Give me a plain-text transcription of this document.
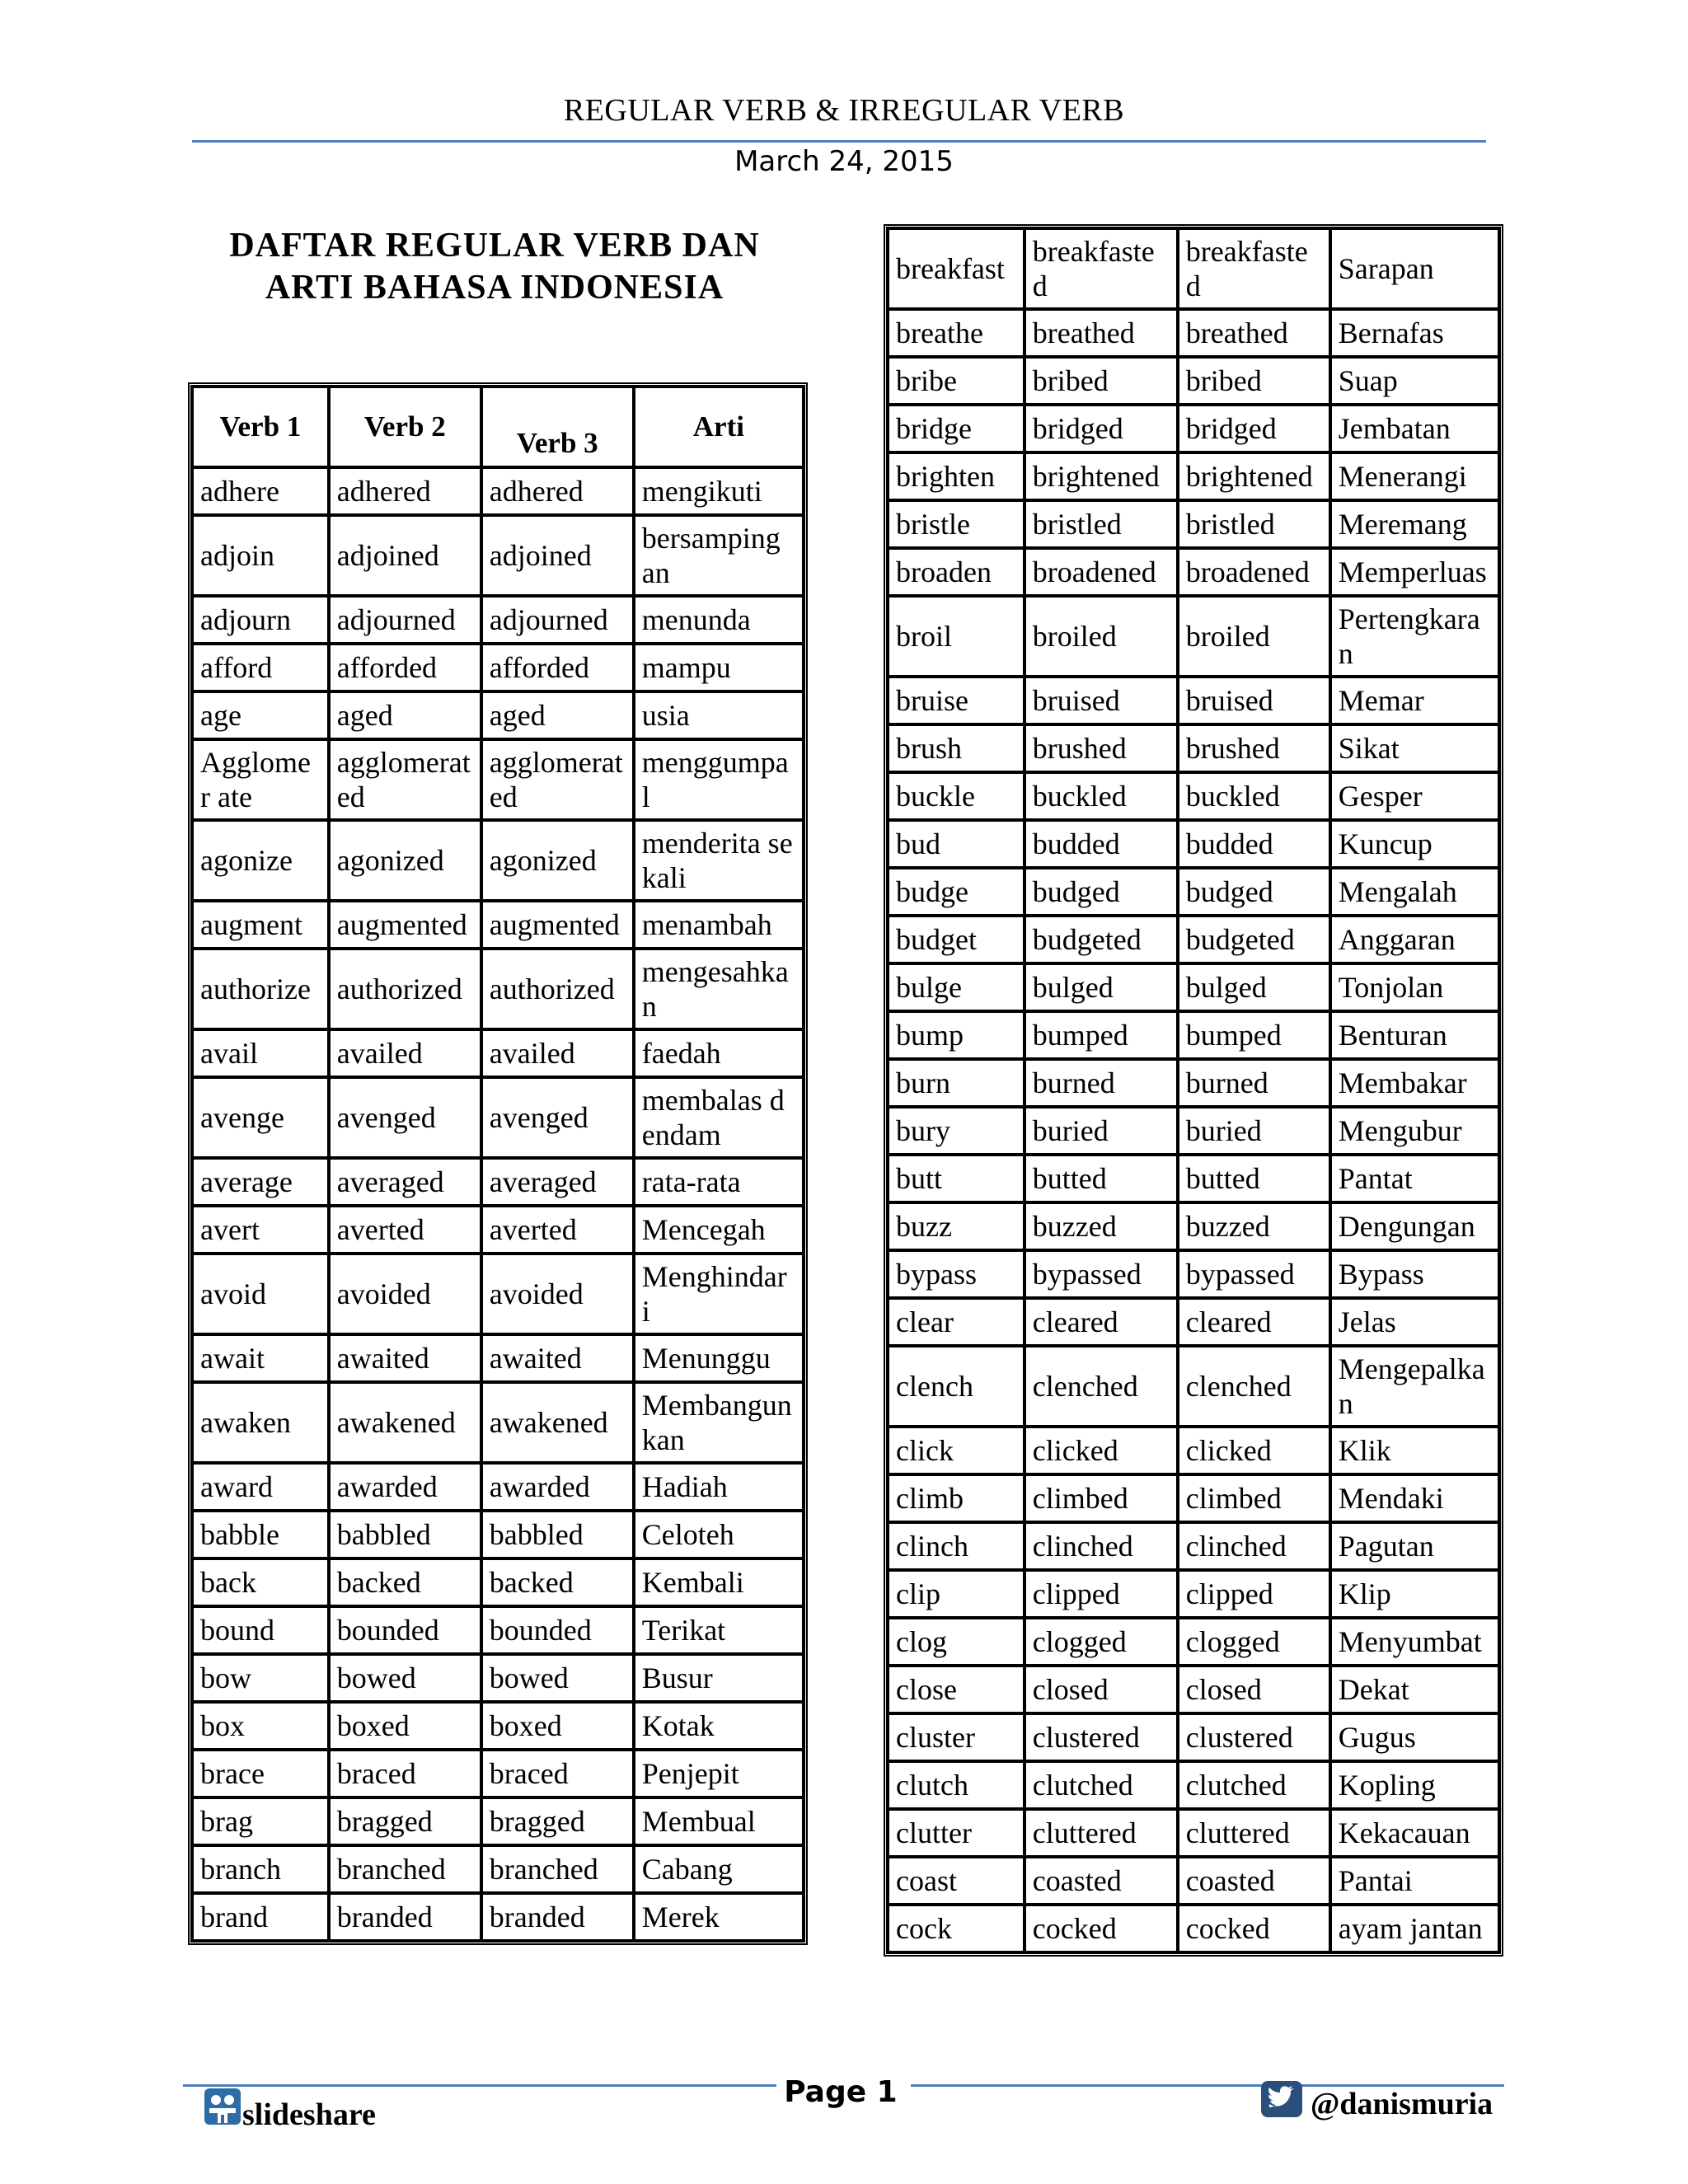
REGULAR VERB & IRREGULAR VERB
March 24, 2015
DAFTAR REGULAR VERB DAN
ARTI BAHASA INDONESIA
Verb 1	Verb 2	Verb 3	Arti
adhere	adhered	adhered	mengikuti
adjoin	adjoined	adjoined	bersamping an
adjourn	adjourned	adjourned	menunda
afford	afforded	afforded	mampu
age	aged	aged	usia
Agglomer ate	agglomerat ed	agglomerat ed	menggumpa l
agonize	agonized	agonized	menderita sekali
augment	augmented	augmented	menambah
authorize	authorized	authorized	mengesahka n
avail	availed	availed	faedah
avenge	avenged	avenged	membalas dendam
average	averaged	averaged	rata-rata
avert	averted	averted	Mencegah
avoid	avoided	avoided	Menghindar i
await	awaited	awaited	Menunggu
awaken	awakened	awakened	Membangun kan
award	awarded	awarded	Hadiah
babble	babbled	babbled	Celoteh
back	backed	backed	Kembali
bound	bounded	bounded	Terikat
bow	bowed	bowed	Busur
box	boxed	boxed	Kotak
brace	braced	braced	Penjepit
brag	bragged	bragged	Membual
branch	branched	branched	Cabang
brand	branded	branded	Merek
breakfast	breakfaste d	breakfaste d	Sarapan
breathe	breathed	breathed	Bernafas
bribe	bribed	bribed	Suap
bridge	bridged	bridged	Jembatan
brighten	brightened	brightened	Menerangi
bristle	bristled	bristled	Meremang
broaden	broadened	broadened	Memperluas
broil	broiled	broiled	Pertengkara n
bruise	bruised	bruised	Memar
brush	brushed	brushed	Sikat
buckle	buckled	buckled	Gesper
bud	budded	budded	Kuncup
budge	budged	budged	Mengalah
budget	budgeted	budgeted	Anggaran
bulge	bulged	bulged	Tonjolan
bump	bumped	bumped	Benturan
burn	burned	burned	Membakar
bury	buried	buried	Mengubur
butt	butted	butted	Pantat
buzz	buzzed	buzzed	Dengungan
bypass	bypassed	bypassed	Bypass
clear	cleared	cleared	Jelas
clench	clenched	clenched	Mengepalka n
click	clicked	clicked	Klik
climb	climbed	climbed	Mendaki
clinch	clinched	clinched	Pagutan
clip	clipped	clipped	Klip
clog	clogged	clogged	Menyumbat
close	closed	closed	Dekat
cluster	clustered	clustered	Gugus
clutch	clutched	clutched	Kopling
clutter	cluttered	cluttered	Kekacauan
coast	coasted	coasted	Pantai
cock	cocked	cocked	ayam jantan
Page 1
slideshare	@danismuria
